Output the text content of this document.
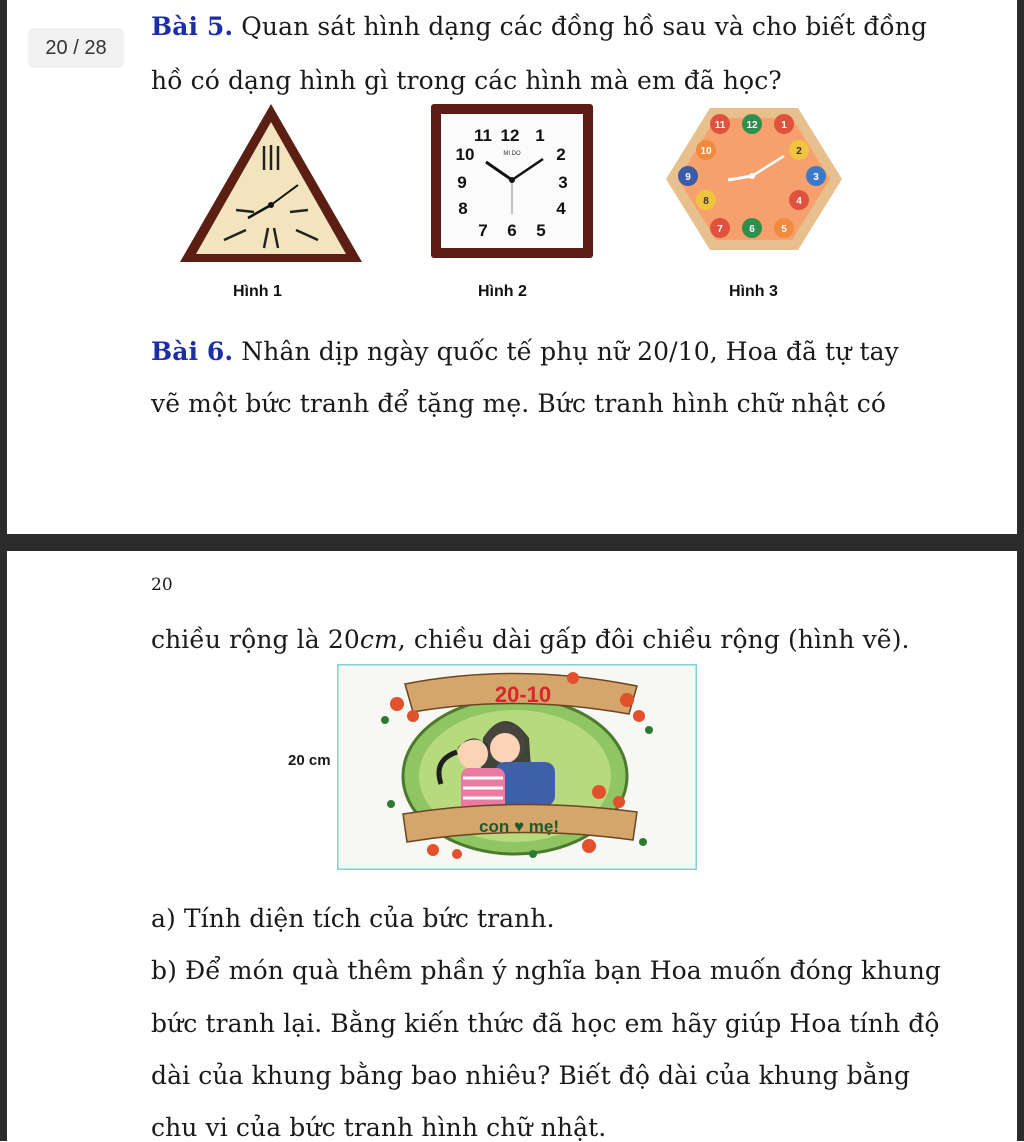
20 / 28
Bài 5. Quan sát hình dạng các đồng hồ sau và cho biết đồng
hồ có dạng hình gì trong các hình mà em đã học?
Hình 1
11 12 1
10	2
9	3
8	4
7 6 5
MI DO
Hình 2
11 12 1
10	2
9	3
8	4
7	6	5
Hình 3
Bài 6. Nhân dịp ngày quốc tế phụ nữ 20/10, Hoa đã tự tay
vẽ một bức tranh để tặng mẹ. Bức tranh hình chữ nhật có
20
chiều rộng là 20cm, chiều dài gấp đôi chiều rộng (hình vẽ).
20 cm
20-10
con ♥ mẹ!
a) Tính diện tích của bức tranh.
b) Để món quà thêm phần ý nghĩa bạn Hoa muốn đóng khung
bức tranh lại. Bằng kiến thức đã học em hãy giúp Hoa tính độ
dài của khung bằng bao nhiêu? Biết độ dài của khung bằng
chu vi của bức tranh hình chữ nhật.
